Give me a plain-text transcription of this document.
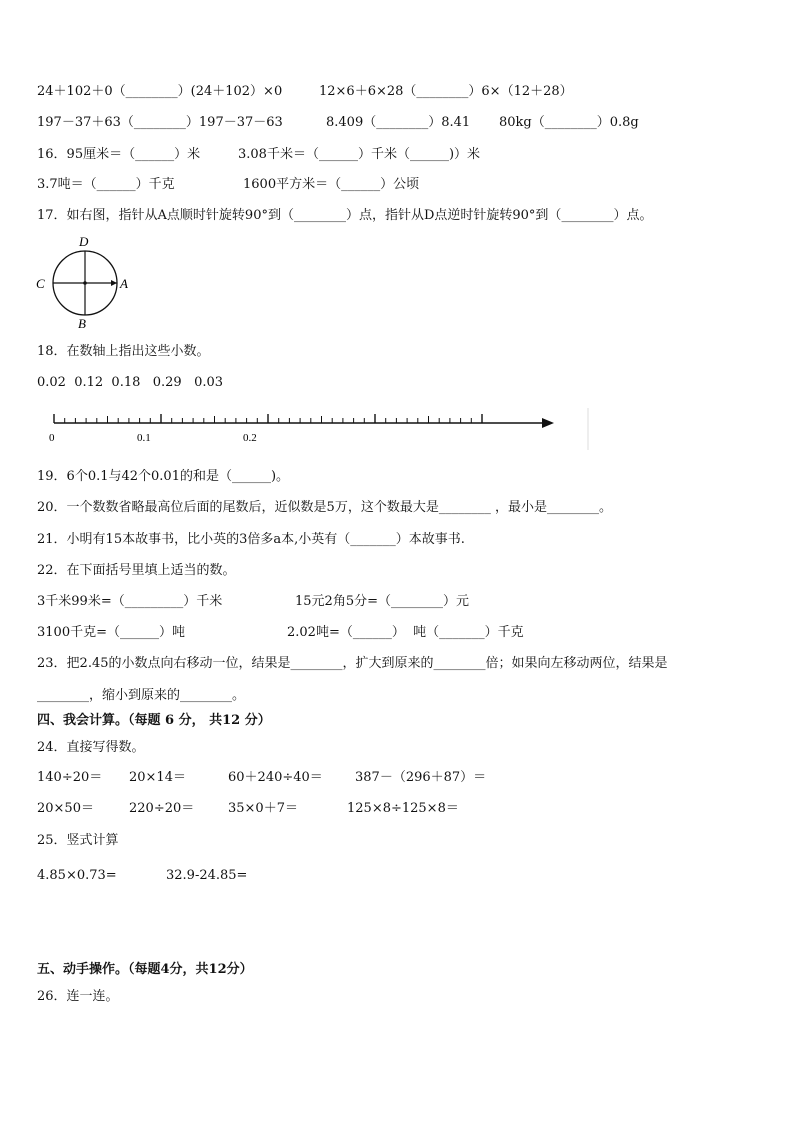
24＋102＋0（________）(24＋102）×0	12×6＋6×28（________）6×（12＋28）
197－37＋63（________）197－37－63	8.409（________）8.41 80kg（________）0.8g
16．95厘米＝（______）米	3.08千米＝（______）千米（______)）米
3.7吨＝（______）千克	1600平方米＝（______）公顷
17．如右图，指针从A点顺时针旋转90°到（________）点，指针从D点逆时针旋转90°到（________）点。
D
B
C	A
18．在数轴上指出这些小数。
0.02  0.12  0.18   0.29   0.03
0	0.1	0.2
19．6个0.1与42个0.01的和是（______)。
20．一个数数省略最高位后面的尾数后，近似数是5万，这个数最大是________ ，最小是________。
21．小明有15本故事书，比小英的3倍多a本,小英有（_______）本故事书.
22．在下面括号里填上适当的数。
3千米99米=（_________）千米	15元2角5分=（________）元
3100千克=（______）吨	2.02吨=（______）  吨（_______）千克
23．把2.45的小数点向右移动一位，结果是________，扩大到原来的________倍；如果向左移动两位，结果是
________，缩小到原来的________。
四、我会计算。（每题 6 分， 共12 分）
24．直接写得数。
140÷20＝ 20×14＝	60＋240÷40＝ 387－（296＋87）＝
20×50＝	220÷20＝	35×0＋7＝	125×8÷125×8＝
25．竖式计算
4.85×0.73=	32.9-24.85=
五、动手操作。（每题4分，共12分）
26．连一连。
